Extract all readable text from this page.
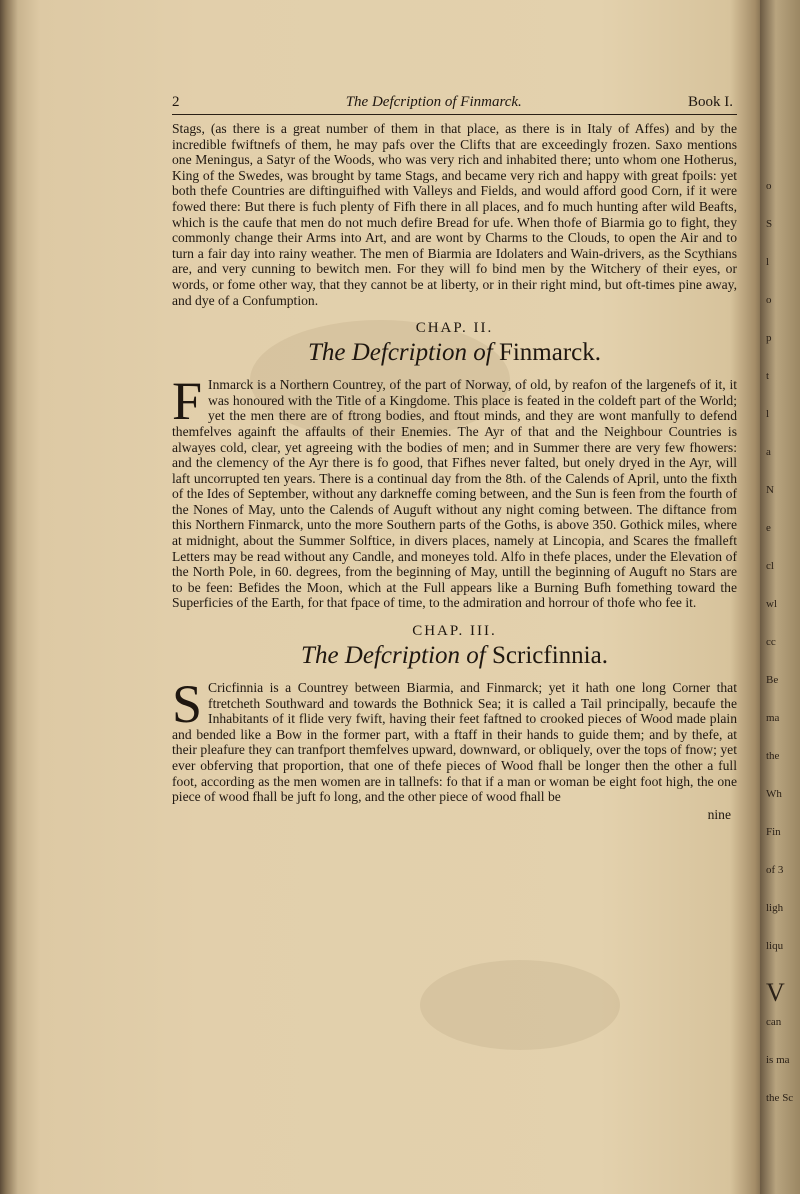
o
S
l
o
p
t
l
a
N
e
cl
wl
cc
Be
ma
the
Wh
Fin
of 3
ligh
liqu
V
can
is ma
the Sc
2	The Defcription of Finmarck.	Book I.

Stags, (as there is a great number of them in that place, as there is in Italy of Affes) and by the incredible fwiftnefs of them, he may pafs over the Clifts that are exceedingly frozen. Saxo mentions one Meningus, a Satyr of the Woods, who was very rich and inhabited there; unto whom one Hotherus, King of the Swedes, was brought by tame Stags, and became very rich and happy with great fpoils: yet both thefe Countries are diftinguifhed with Valleys and Fields, and would afford good Corn, if it were fowed there: But there is fuch plenty of Fifh there in all places, and fo much hunting after wild Beafts, which is the caufe that men do not much defire Bread for ufe. When thofe of Biarmia go to fight, they commonly change their Arms into Art, and are wont by Charms to the Clouds, to open the Air and to turn a fair day into rainy weather. The men of Biarmia are Idolaters and Wain-drivers, as the Scythians are, and very cunning to bewitch men. For they will fo bind men by the Witchery of their eyes, or words, or fome other way, that they cannot be at liberty, or in their right mind, but oft-times pine away, and dye of a Confumption.

CHAP. II.
The Defcription of Finmarck.

F Inmarck is a Northern Countrey, of the part of Norway, of old, by reafon of the largenefs of it, it was honoured with the Title of a Kingdome. This place is feated in the coldeft part of the World; yet the men there are of ftrong bodies, and ftout minds, and they are wont manfully to defend themfelves againft the affaults of their Enemies. The Ayr of that and the Neighbour Countries is alwayes cold, clear, yet agreeing with the bodies of men; and in Summer there are very few fhowers: and the clemency of the Ayr there is fo good, that Fifhes never falted, but onely dryed in the Ayr, will laft uncorrupted ten years. There is a continual day from the 8th. of the Calends of April, unto the fixth of the Ides of September, without any darkneffe coming between, and the Sun is feen from the fourth of the Nones of May, unto the Calends of Auguft without any night coming between. The diftance from this Northern Finmarck, unto the more Southern parts of the Goths, is above 350. Gothick miles, where at midnight, about the Summer Solftice, in divers places, namely at Lincopia, and Scares the fmalleft Letters may be read without any Candle, and moneyes told. Alfo in thefe places, under the Elevation of the North Pole, in 60. degrees, from the beginning of May, untill the beginning of Auguft no Stars are to be feen: Befides the Moon, which at the Full appears like a Burning Bufh fomething toward the Superficies of the Earth, for that fpace of time, to the admiration and horrour of thofe who fee it.

CHAP. III.
The Defcription of Scricfinnia.

S Cricfinnia is a Countrey between Biarmia, and Finmarck; yet it hath one long Corner that ftretcheth Southward and towards the Bothnick Sea; it is called a Tail principally, becaufe the Inhabitants of it flide very fwift, having their feet faftned to crooked pieces of Wood made plain and bended like a Bow in the former part, with a ftaff in their hands to guide them; and by thefe, at their pleafure they can tranfport themfelves upward, downward, or obliquely, over the tops of fnow; yet ever obferving that proportion, that one of thefe pieces of Wood fhall be longer then the other a full foot, according as the men women are in tallnefs: fo that if a man or woman be eight foot high, the one piece of wood fhall be juft fo long, and the other piece of wood fhall be

nine
